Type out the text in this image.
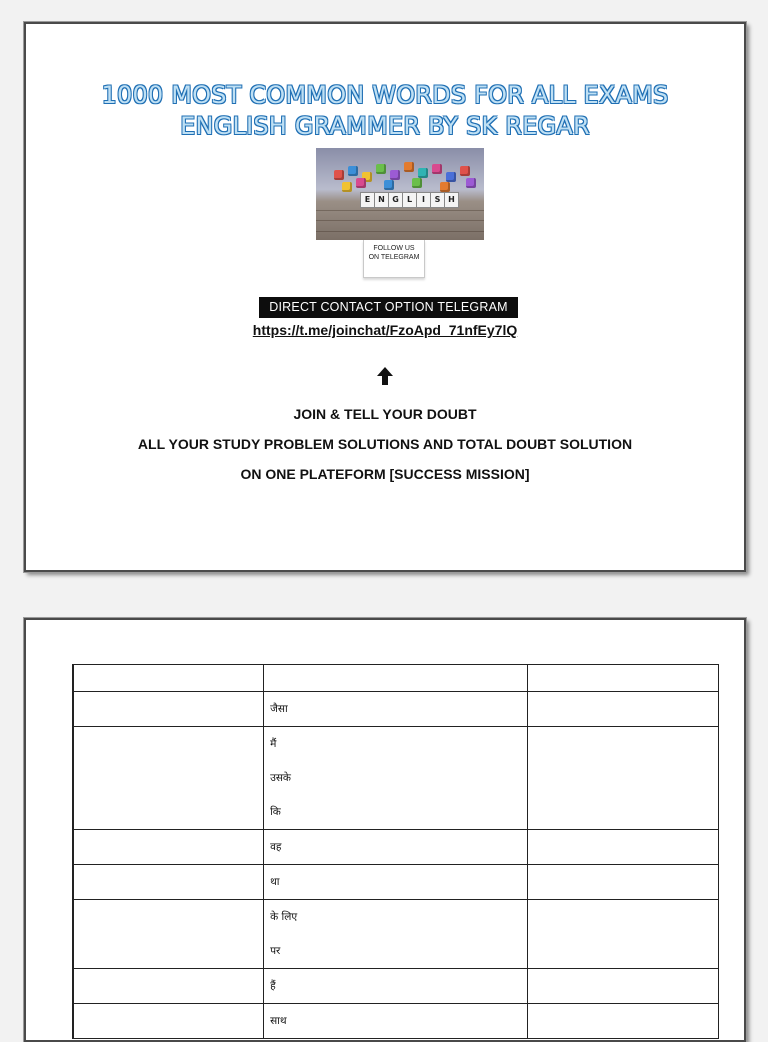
1000 MOST COMMON WORDS FOR ALL EXAMS
ENGLISH GRAMMER BY SK REGAR
E N G	L	I	S H
FOLLOW US
ON TELEGRAM
DIRECT CONTACT OPTION TELEGRAM
https://t.me/joinchat/FzoApd_71nfEy7lQ
JOIN & TELL YOUR DOUBT
ALL YOUR STUDY PROBLEM SOLUTIONS AND TOTAL DOUBT SOLUTION
ON ONE PLATEFORM [SUCCESS MISSION]

	जैसा	

	मैं
उसके
कि	

	वह	

	था	

	के लिए
पर	

	हैं	

	साथ	
